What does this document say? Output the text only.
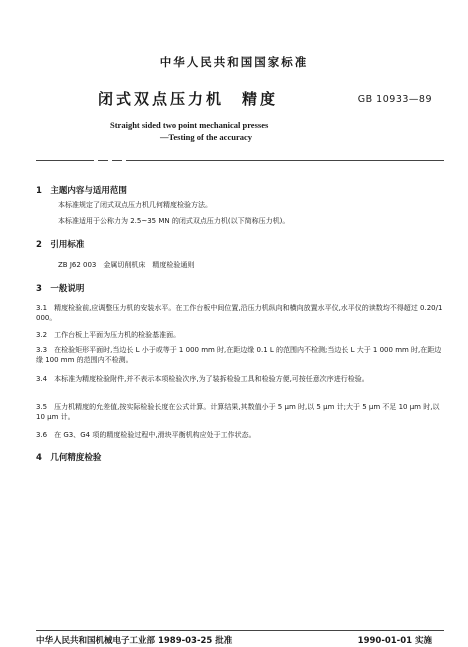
中华人民共和国国家标准
闭式双点压力机　精度	GB 10933—89
Straight sided two point mechanical presses
—Testing of the accuracy
1　主题内容与适用范围
本标准规定了闭式双点压力机几何精度检验方法。
本标准适用于公称力为 2.5~35 MN 的闭式双点压力机(以下简称压力机)。
2　引用标准
ZB J62 003　金属切削机床　精度检验通则
3　一般说明
3.1　精度检验前,应调整压力机的安装水平。在工作台板中间位置,沿压力机纵向和横向放置水平仪,水平仪的读数均不得超过 0.20/1 000。
3.2　工作台板上平面为压力机的检验基准面。
3.3　在检验矩形平面时,当边长 L 小于或等于 1 000 mm 时,在距边缘 0.1 L 的范围内不检测;当边长 L 大于 1 000 mm 时,在距边缘 100 mm 的范围内不检测。
3.4　本标准为精度检验附件,并不表示本项检验次序,为了装拆检验工具和检验方便,可按任意次序进行检验。
3.5　压力机精度的允差值,按实际检验长度在公式计算。计算结果,其数值小于 5 μm 时,以 5 μm 计;大于 5 μm 不足 10 μm 时,以 10 μm 计。
3.6　在 G3、G4 项的精度检验过程中,滑块平衡机构应处于工作状态。
4　几何精度检验
中华人民共和国机械电子工业部 1989-03-25 批准	1990-01-01 实施
